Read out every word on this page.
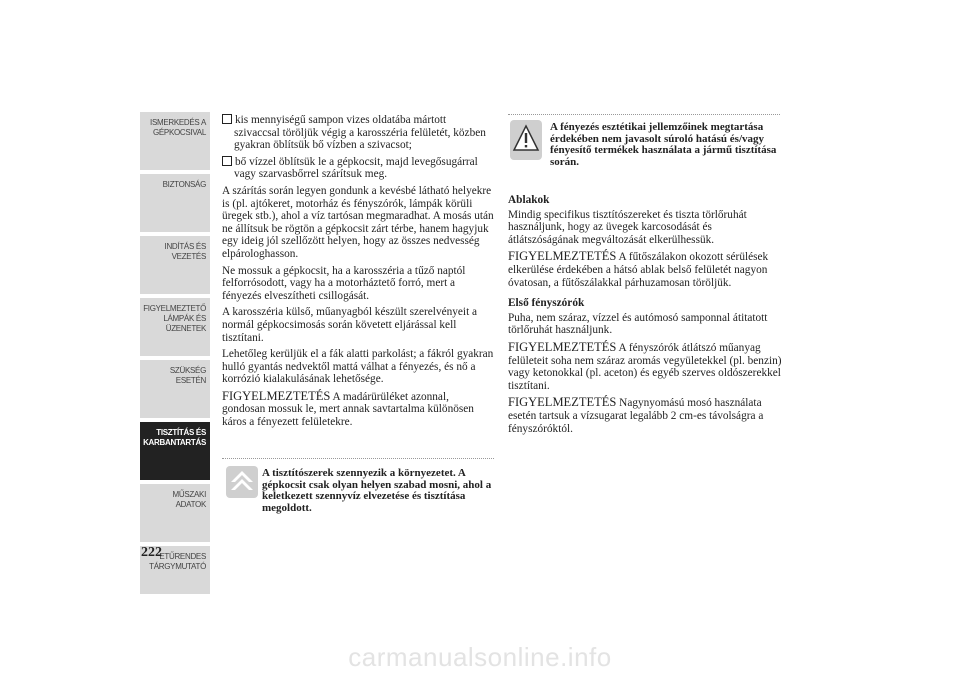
ISMERKEDÉS A GÉPKOCSIVAL
BIZTONSÁG
INDÍTÁS ÉS VEZETÉS
FIGYELMEZTETŐ LÁMPÁK ÉS ÜZENETEK
SZÜKSÉG ESETÉN
TISZTÍTÁS ÉS KARBANTARTÁS
MŰSZAKI ADATOK
ETŰRENDES TÁRGYMUTATÓ
222

kis mennyiségű sampon vizes oldatába mártott szivaccsal töröljük végig a karosszéria felületét, közben gyakran öblítsük bő vízben a szivacsot;

bő vízzel öblítsük le a gépkocsit, majd levegősugárral vagy szarvasbőrrel szárítsuk meg.

A szárítás során legyen gondunk a kevésbé látható helyekre is (pl. ajtókeret, motorház és fényszórók, lámpák körüli üregek stb.), ahol a víz tartósan megmaradhat. A mosás után ne állítsuk be rögtön a gépkocsit zárt térbe, hanem hagyjuk egy ideig jól szellőzött helyen, hogy az összes nedvesség elpárologhasson.

Ne mossuk a gépkocsit, ha a karosszéria a tűző naptól felforrósodott, vagy ha a motorháztető forró, mert a fényezés elveszítheti csillogását.

A karosszéria külső, műanyagból készült szerelvényeit a normál gépkocsimosás során követett eljárással kell tisztítani.

Lehetőleg kerüljük el a fák alatti parkolást; a fákról gyakran hulló gyantás nedvektől mattá válhat a fényezés, és nő a korrózió kialakulásának lehetősége.

FIGYELMEZTETÉS A madárürüléket azonnal, gondosan mossuk le, mert annak savtartalma különösen káros a fényezett felületekre.

A tisztítószerek szennyezik a környezetet. A gépkocsit csak olyan helyen szabad mosni, ahol a keletkezett szennyvíz elvezetése és tisztítása megoldott.
A fényezés esztétikai jellemzőinek megtartása érdekében nem javasolt súroló hatású és/vagy fényesítő termékek használata a jármű tisztítása során.
Ablakok

Mindig specifikus tisztítószereket és tiszta törlőruhát használjunk, hogy az üvegek karcosodását és átlátszóságának megváltozását elkerülhessük.

FIGYELMEZTETÉS A fűtőszálakon okozott sérülések elkerülése érdekében a hátsó ablak belső felületét nagyon óvatosan, a fűtőszálakkal párhuzamosan töröljük.

Első fényszórók

Puha, nem száraz, vízzel és autómosó samponnal átitatott törlőruhát használjunk.

FIGYELMEZTETÉS A fényszórók átlátszó műanyag felületeit soha nem száraz aromás vegyületekkel (pl. benzin) vagy ketonokkal (pl. aceton) és egyéb szerves oldószerekkel tisztítani.

FIGYELMEZTETÉS Nagynyomású mosó használata esetén tartsuk a vízsugarat legalább 2 cm-es távolságra a fényszóróktól.

carmanualsonline.info
